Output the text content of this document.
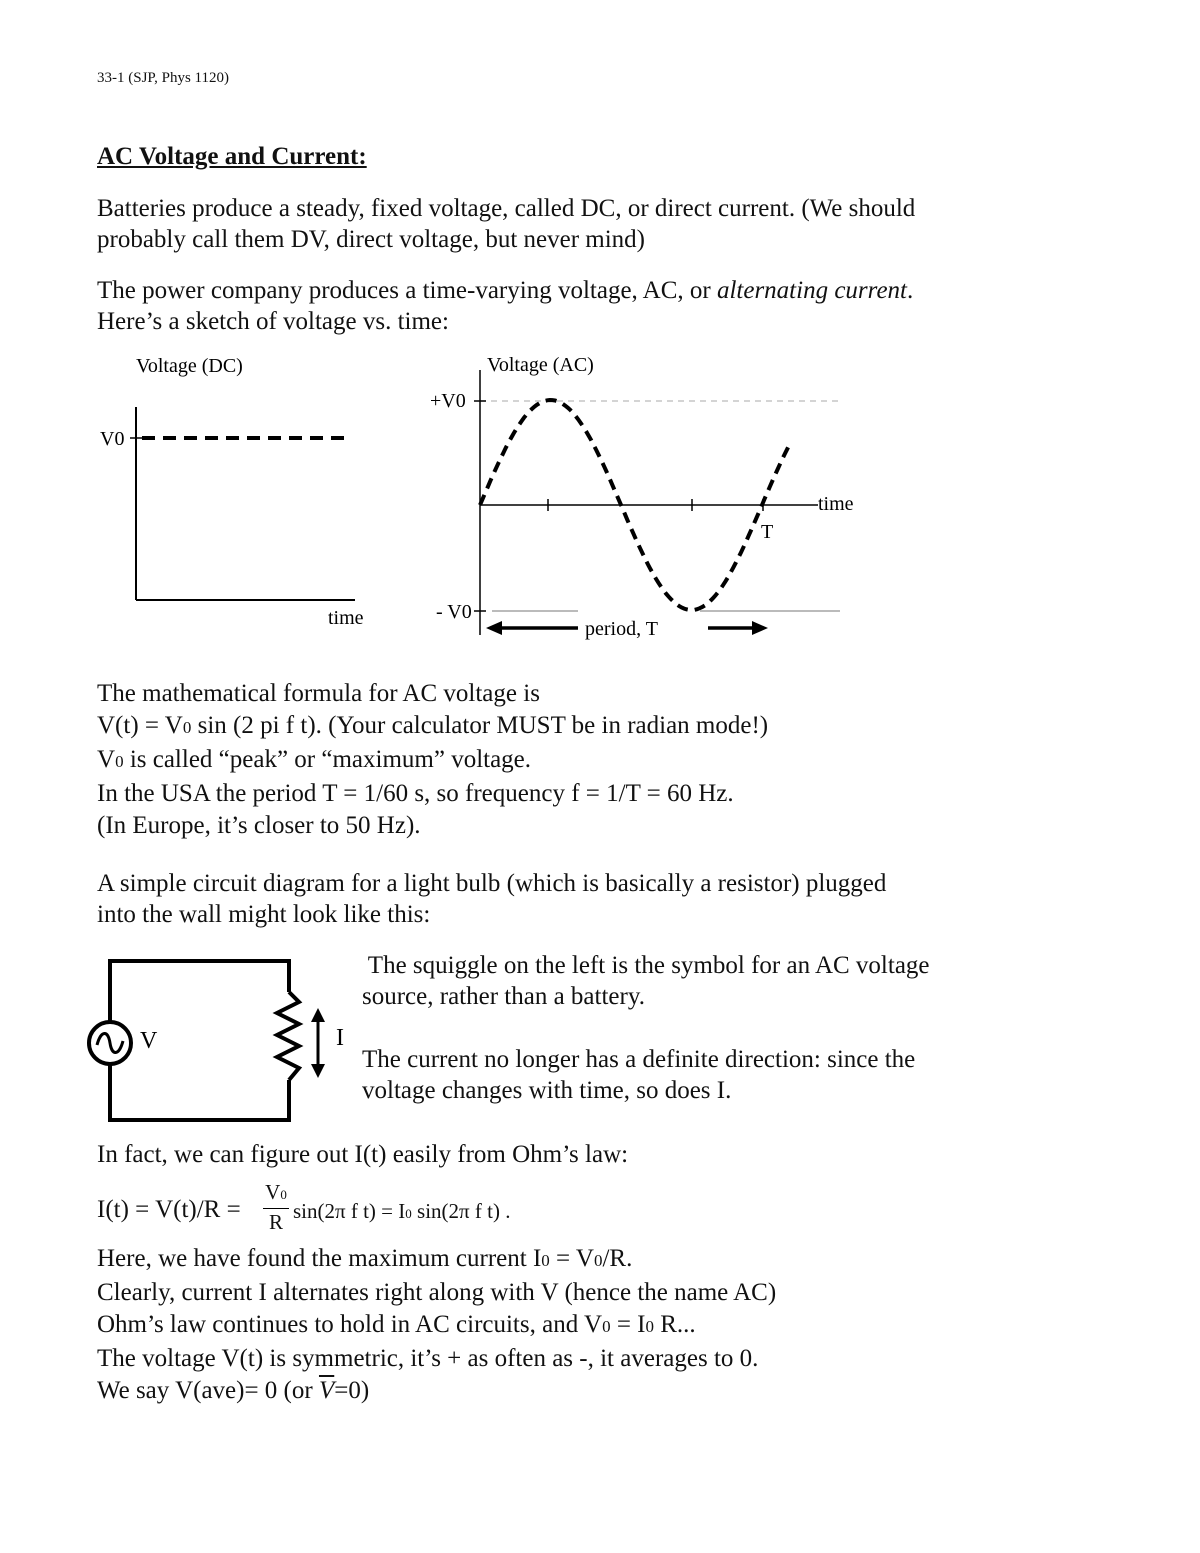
33-1 (SJP, Phys 1120)
AC Voltage and Current:
Batteries produce a steady, fixed voltage, called DC, or direct current. (We should
probably call them DV, direct voltage, but never mind)
The power company produces a time-varying voltage, AC, or alternating current.
Here’s a sketch of voltage vs. time:
Voltage (DC)
V0
time
Voltage (AC)
+V0
- V0
time
T
period, T
The mathematical formula for AC voltage is
V(t) = V0 sin (2 pi f t). (Your calculator MUST be in radian mode!)
V0 is called “peak” or “maximum” voltage.
In the USA the period T = 1/60 s, so frequency f = 1/T = 60 Hz.
(In Europe, it’s closer to 50 Hz).
A simple circuit diagram for a light bulb (which is basically a resistor) plugged
into the wall might look like this:
V	I
The squiggle on the left is the symbol for an AC voltage
source, rather than a battery.
The current no longer has a definite direction: since the
voltage changes with time, so does I.
In fact, we can figure out I(t) easily from Ohm’s law:
I(t) = V(t)/R =
V0
R sin(2π f t) = I0 sin(2π f t) .
Here, we have found the maximum current I0 = V0/R.
Clearly, current I alternates right along with V (hence the name AC)
Ohm’s law continues to hold in AC circuits, and V0 = I0 R...
The voltage V(t) is symmetric, it’s + as often as -, it averages to 0.
We say V(ave)= 0 (or $\overline{V}=0$)
